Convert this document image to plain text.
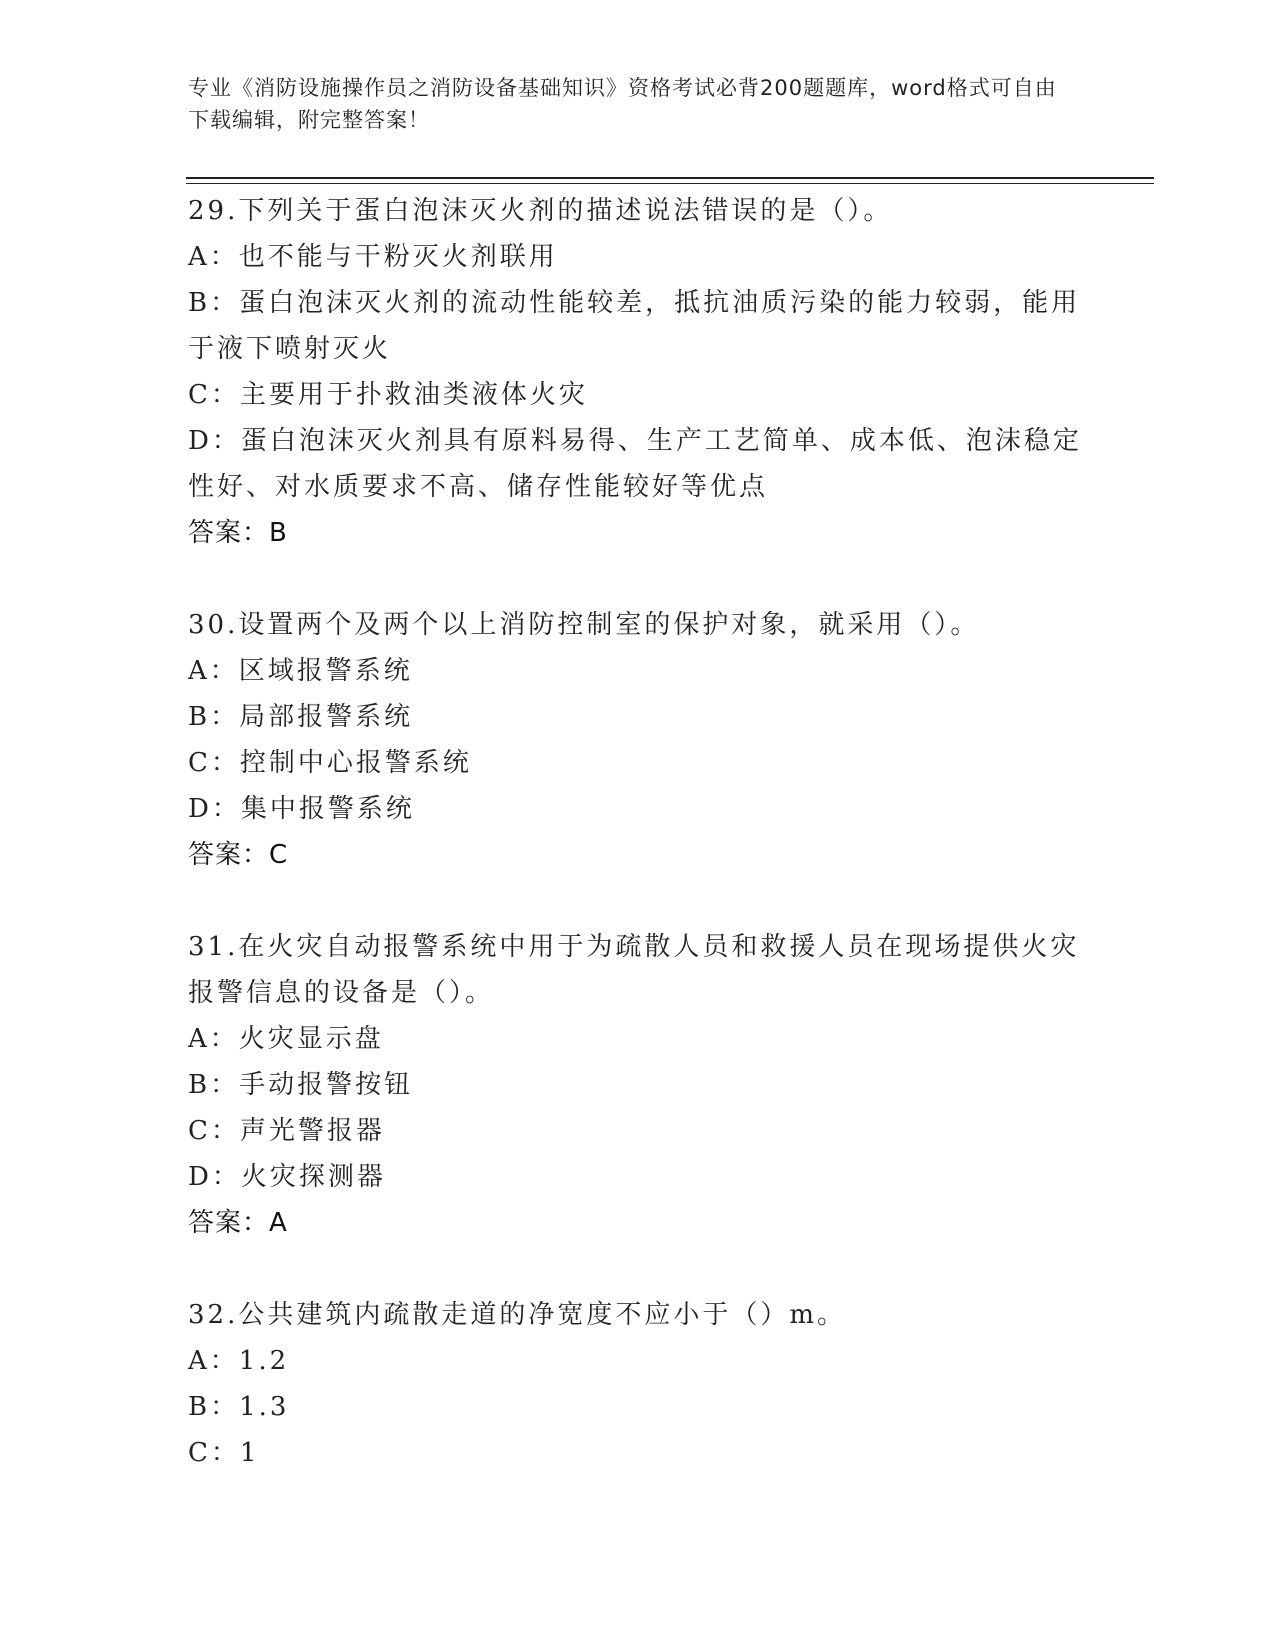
专业《消防设施操作员之消防设备基础知识》资格考试必背200题题库，word格式可自由下载编辑，附完整答案！
29.下列关于蛋白泡沫灭火剂的描述说法错误的是（）。
A：也不能与干粉灭火剂联用
B：蛋白泡沫灭火剂的流动性能较差，抵抗油质污染的能力较弱，能用于液下喷射灭火
C：主要用于扑救油类液体火灾
D：蛋白泡沫灭火剂具有原料易得、生产工艺简单、成本低、泡沫稳定性好、对水质要求不高、储存性能较好等优点
答案：B
30.设置两个及两个以上消防控制室的保护对象，就采用（）。
A：区域报警系统
B：局部报警系统
C：控制中心报警系统
D：集中报警系统
答案：C
31.在火灾自动报警系统中用于为疏散人员和救援人员在现场提供火灾报警信息的设备是（）。
A：火灾显示盘
B：手动报警按钮
C：声光警报器
D：火灾探测器
答案：A
32.公共建筑内疏散走道的净宽度不应小于（）m。
A：1.2
B：1.3
C：1
